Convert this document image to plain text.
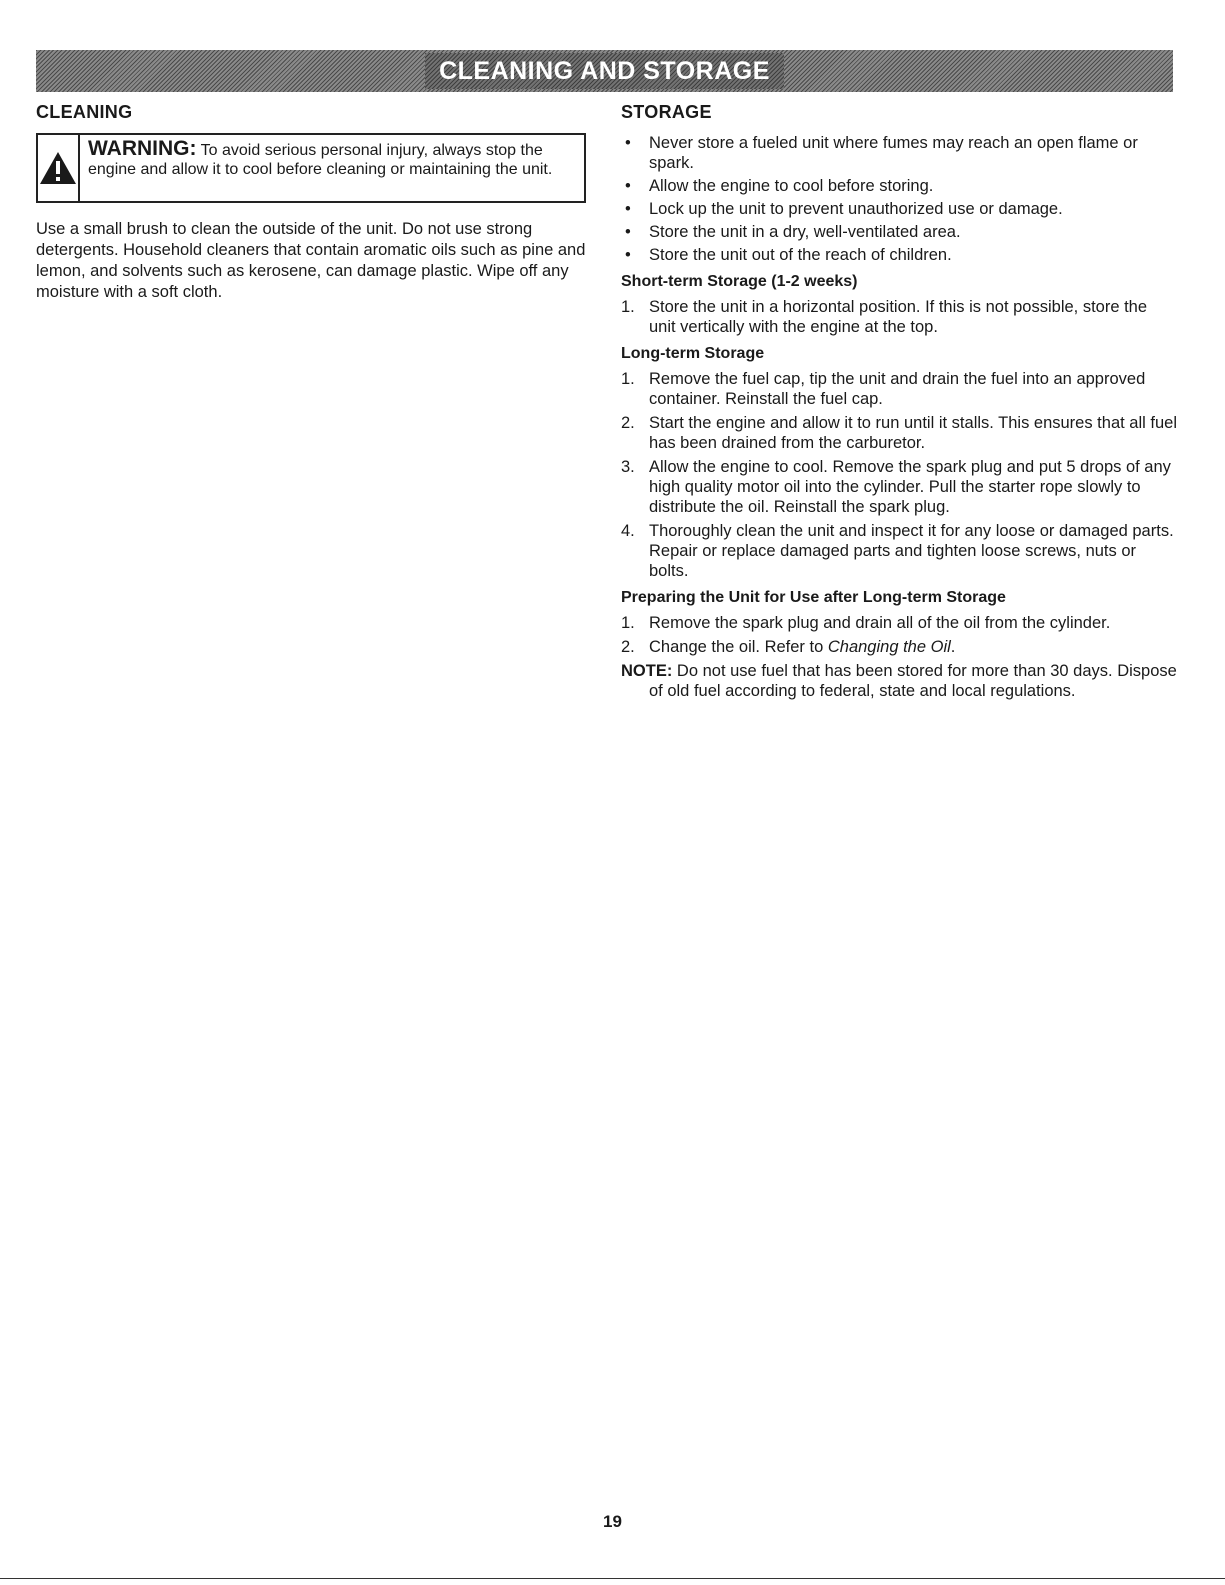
CLEANING AND STORAGE
CLEANING
WARNING: To avoid serious personal injury, always stop the engine and allow it to cool before cleaning or maintaining the unit.

Use a small brush to clean the outside of the unit. Do not use strong detergents. Household cleaners that contain aromatic oils such as pine and lemon, and solvents such as kerosene, can damage plastic. Wipe off any moisture with a soft cloth.

STORAGE
• Never store a fueled unit where fumes may reach an open flame or spark.
• Allow the engine to cool before storing.
• Lock up the unit to prevent unauthorized use or damage.
• Store the unit in a dry, well-ventilated area.
• Store the unit out of the reach of children.
Short-term Storage (1-2 weeks)
1. Store the unit in a horizontal position. If this is not possible, store the unit vertically with the engine at the top.
Long-term Storage
1. Remove the fuel cap, tip the unit and drain the fuel into an approved container. Reinstall the fuel cap.
2. Start the engine and allow it to run until it stalls. This ensures that all fuel has been drained from the carburetor.
3. Allow the engine to cool. Remove the spark plug and put 5 drops of any high quality motor oil into the cylinder. Pull the starter rope slowly to distribute the oil. Reinstall the spark plug.
4. Thoroughly clean the unit and inspect it for any loose or damaged parts. Repair or replace damaged parts and tighten loose screws, nuts or bolts.
Preparing the Unit for Use after Long-term Storage
1. Remove the spark plug and drain all of the oil from the cylinder.
2. Change the oil. Refer to Changing the Oil.
NOTE: Do not use fuel that has been stored for more than 30 days. Dispose of old fuel according to federal, state and local regulations.
19
